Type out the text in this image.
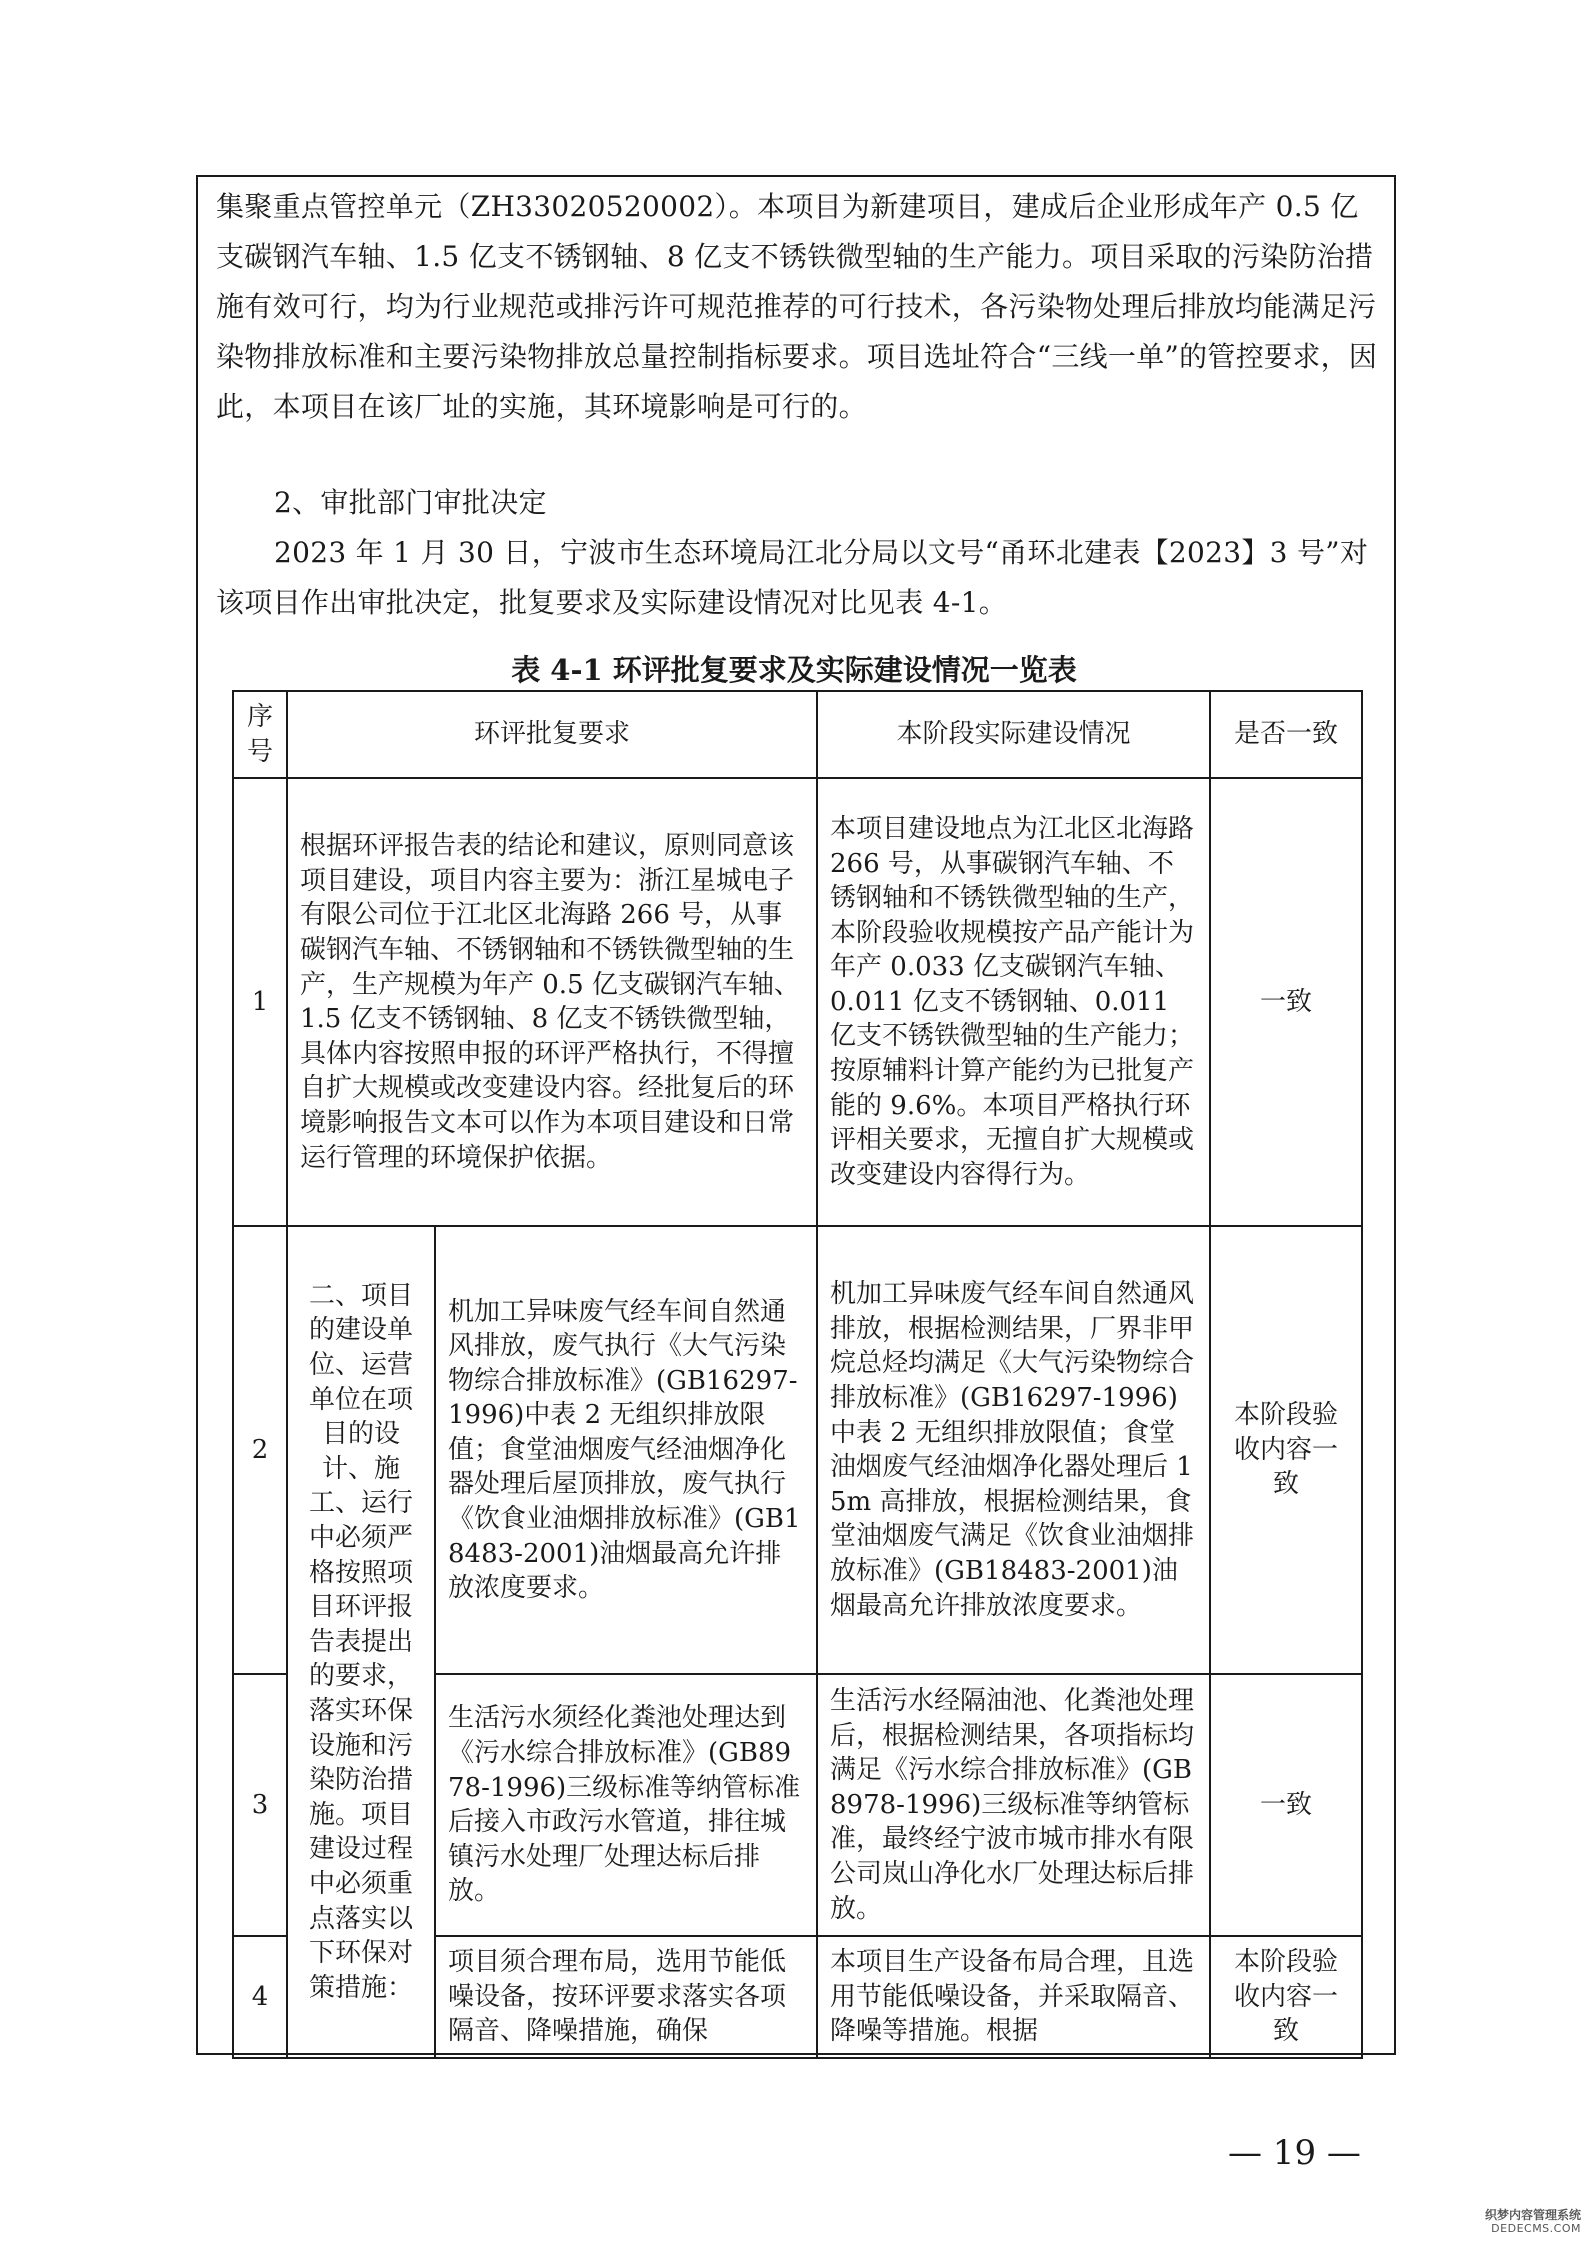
集聚重点管控单元（ZH33020520002）。本项目为新建项目，建成后企业形成年产 0.5 亿支碳钢汽车轴、1.5 亿支不锈钢轴、8 亿支不锈铁微型轴的生产能力。项目采取的污染防治措施有效可行，均为行业规范或排污许可规范推荐的可行技术，各污染物处理后排放均能满足污染物排放标准和主要污染物排放总量控制指标要求。项目选址符合“三线一单”的管控要求，因此，本项目在该厂址的实施，其环境影响是可行的。

2、审批部门审批决定

2023 年 1 月 30 日，宁波市生态环境局江北分局以文号“甬环北建表【2023】3 号”对该项目作出审批决定，批复要求及实际建设情况对比见表 4-1。

表 4-1 环评批复要求及实际建设情况一览表
序号	环评批复要求		本阶段实际建设情况	是否一致
1	根据环评报告表的结论和建议，原则同意该项目建设，项目内容主要为：浙江星城电子有限公司位于江北区北海路 266 号，从事碳钢汽车轴、不锈钢轴和不锈铁微型轴的生产，生产规模为年产 0.5 亿支碳钢汽车轴、1.5 亿支不锈钢轴、8 亿支不锈铁微型轴，具体内容按照申报的环评严格执行，不得擅自扩大规模或改变建设内容。经批复后的环境影响报告文本可以作为本项目建设和日常运行管理的环境保护依据。		本项目建设地点为江北区北海路 266 号，从事碳钢汽车轴、不锈钢轴和不锈铁微型轴的生产，本阶段验收规模按产品产能计为年产 0.033 亿支碳钢汽车轴、0.011 亿支不锈钢轴、0.011 亿支不锈铁微型轴的生产能力；按原辅料计算产能约为已批复产能的 9.6%。本项目严格执行环评相关要求，无擅自扩大规模或改变建设内容得行为。	一致
2	二、项目的建设单位、运营单位在项目的设计、施工、运行中必须严格按照项目环评报告表提出的要求，落实环保设施和污染防治措施。项目建设过程中必须重点落实以下环保对策措施：	机加工异味废气经车间自然通风排放，废气执行《大气污染物综合排放标准》(GB16297-1996)中表 2 无组织排放限值；食堂油烟废气经油烟净化器处理后屋顶排放，废气执行《饮食业油烟排放标准》(GB18483-2001)油烟最高允许排放浓度要求。	机加工异味废气经车间自然通风排放，根据检测结果，厂界非甲烷总烃均满足《大气污染物综合排放标准》(GB16297-1996)中表 2 无组织排放限值；食堂油烟废气经油烟净化器处理后 15m 高排放，根据检测结果，食堂油烟废气满足《饮食业油烟排放标准》(GB18483-2001)油烟最高允许排放浓度要求。	本阶段验收内容一致
3		生活污水须经化粪池处理达到《污水综合排放标准》(GB8978-1996)三级标准等纳管标准后接入市政污水管道，排往城镇污水处理厂处理达标后排放。	生活污水经隔油池、化粪池处理后，根据检测结果，各项指标均满足《污水综合排放标准》(GB8978-1996)三级标准等纳管标准，最终经宁波市城市排水有限公司岚山净化水厂处理达标后排放。	一致
4		项目须合理布局，选用节能低噪设备，按环评要求落实各项隔音、降噪措施，确保	本项目生产设备布局合理，且选用节能低噪设备，并采取隔音、降噪等措施。根据	本阶段验收内容一致
— 19 —
织梦内容管理系统
DEDECMS.COM
